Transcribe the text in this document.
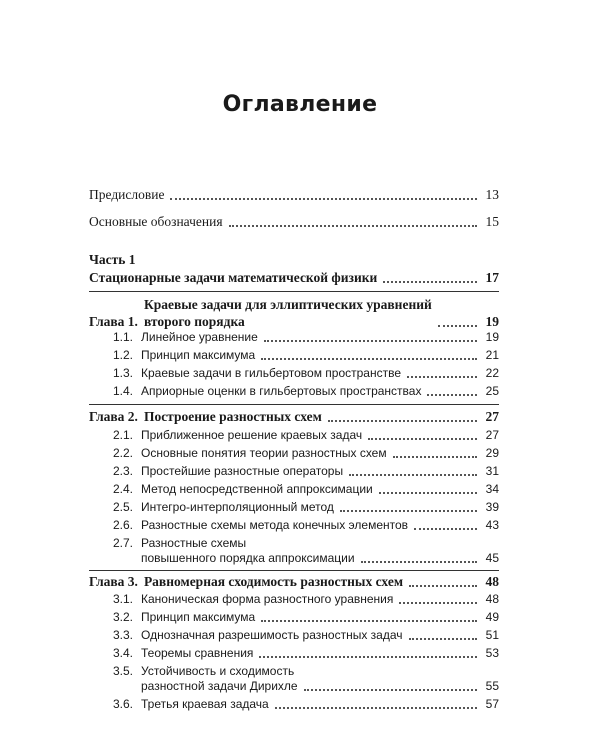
Оглавление
Предисловие	13
Основные обозначения	15
Часть 1
Стационарные задачи математической физики	17
Глава 1.
Краевые задачи для эллиптических уравнений
второго порядка	19
1.1. Линейное уравнение	19
1.2. Принцип максимума	21
1.3. Краевые задачи в гильбертовом пространстве	22
1.4. Априорные оценки в гильбертовых пространствах	25
Глава 2. Построение разностных схем	27
2.1. Приближенное решение краевых задач	27
2.2. Основные понятия теории разностных схем	29
2.3. Простейшие разностные операторы	31
2.4. Метод непосредственной аппроксимации	34
2.5. Интегро-интерполяционный метод	39
2.6. Разностные схемы метода конечных элементов	43
2.7. Разностные схемы
повышенного порядка аппроксимации	45
Глава 3. Равномерная сходимость разностных схем	48
3.1. Каноническая форма разностного уравнения	48
3.2. Принцип максимума	49
3.3. Однозначная разрешимость разностных задач	51
3.4. Теоремы сравнения	53
3.5. Устойчивость и сходимость
разностной задачи Дирихле	55
3.6. Третья краевая задача	57
